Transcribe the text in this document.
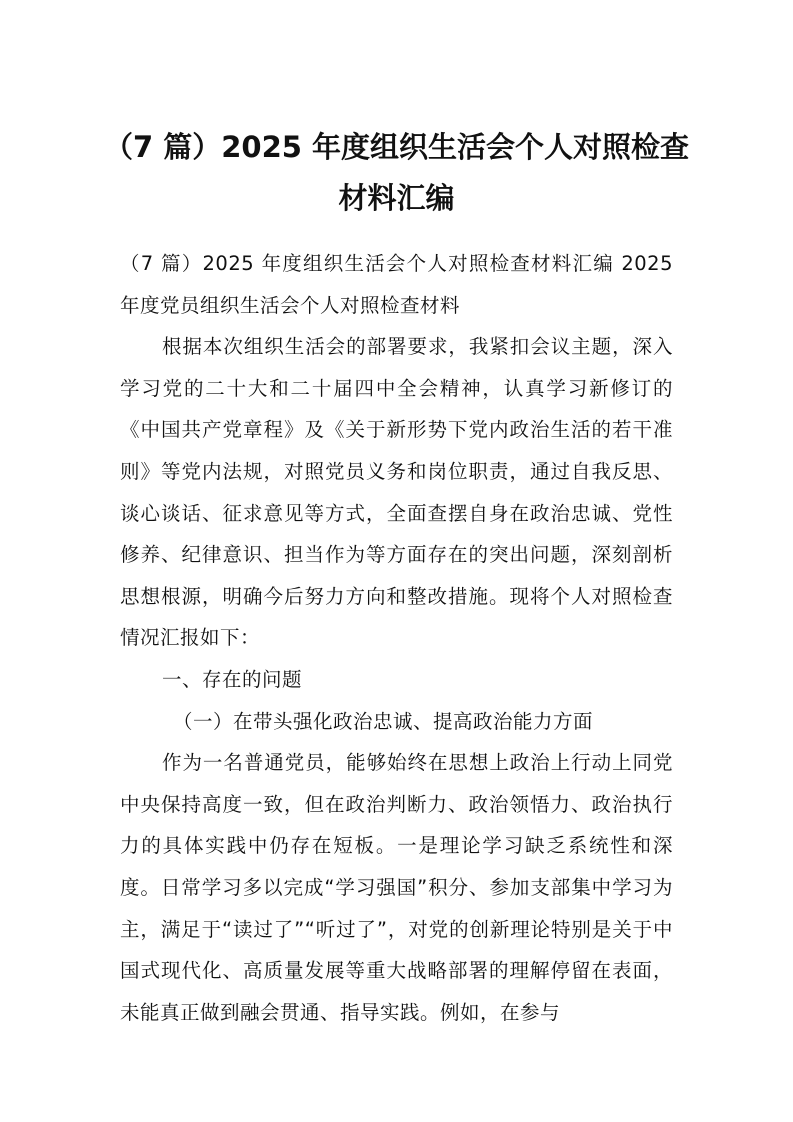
（7 篇）2025 年度组织生活会个人对照检查材料汇编

（7 篇）2025 年度组织生活会个人对照检查材料汇编 2025 年度党员组织生活会个人对照检查材料

根据本次组织生活会的部署要求，我紧扣会议主题，深入学习党的二十大和二十届四中全会精神，认真学习新修订的《中国共产党章程》及《关于新形势下党内政治生活的若干准则》等党内法规，对照党员义务和岗位职责，通过自我反思、谈心谈话、征求意见等方式，全面查摆自身在政治忠诚、党性修养、纪律意识、担当作为等方面存在的突出问题，深刻剖析思想根源，明确今后努力方向和整改措施。现将个人对照检查情况汇报如下：

一、存在的问题

（一）在带头强化政治忠诚、提高政治能力方面

作为一名普通党员，能够始终在思想上政治上行动上同党中央保持高度一致，但在政治判断力、政治领悟力、政治执行力的具体实践中仍存在短板。一是理论学习缺乏系统性和深度。日常学习多以完成“学习强国”积分、参加支部集中学习为主，满足于“读过了”“听过了”，对党的创新理论特别是关于中国式现代化、高质量发展等重大战略部署的理解停留在表面，未能真正做到融会贯通、指导实践。例如，在参与
